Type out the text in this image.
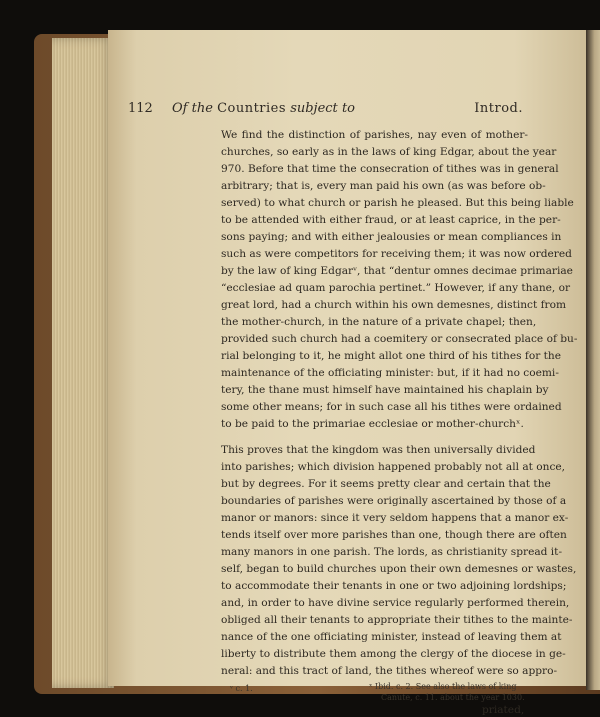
112 Of the Countries subject to	Introd.
We find the distinction of parishes, nay even of mother-
churches, so early as in the laws of king Edgar, about the year
970. Before that time the consecration of tithes was in general
arbitrary; that is, every man paid his own (as was before ob-
served) to what church or parish he pleased. But this being liable
to be attended with either fraud, or at least caprice, in the per-
sons paying; and with either jealousies or mean compliances in
such as were competitors for receiving them; it was now ordered
by the law of king Edgarᵛ, that “dentur omnes decimae primariae
“ecclesiae ad quam parochia pertinet.” However, if any thane, or
great lord, had a church within his own demesnes, distinct from
the mother-church, in the nature of a private chapel; then,
provided such church had a coemitery or consecrated place of bu-
rial belonging to it, he might allot one third of his tithes for the
maintenance of the officiating minister: but, if it had no coemi-
tery, the thane must himself have maintained his chaplain by
some other means; for in such case all his tithes were ordained
to be paid to the primariae ecclesiae or mother-churchˣ.
This proves that the kingdom was then universally divided
into parishes; which division happened probably not all at once,
but by degrees. For it seems pretty clear and certain that the
boundaries of parishes were originally ascertained by those of a
manor or manors: since it very seldom happens that a manor ex-
tends itself over more parishes than one, though there are often
many manors in one parish. The lords, as christianity spread it-
self, began to build churches upon their own demesnes or wastes,
to accommodate their tenants in one or two adjoining lordships;
and, in order to have divine service regularly performed therein,
obliged all their tenants to appropriate their tithes to the mainte-
nance of the one officiating minister, instead of leaving them at
liberty to distribute them among the clergy of the diocese in ge-
neral: and this tract of land, the tithes whereof were so appro-
ᵛ c. 1.	ˣ Ibid. c. 2. See also the laws of king
Canute, c. 11. about the year 1030.
priated,
